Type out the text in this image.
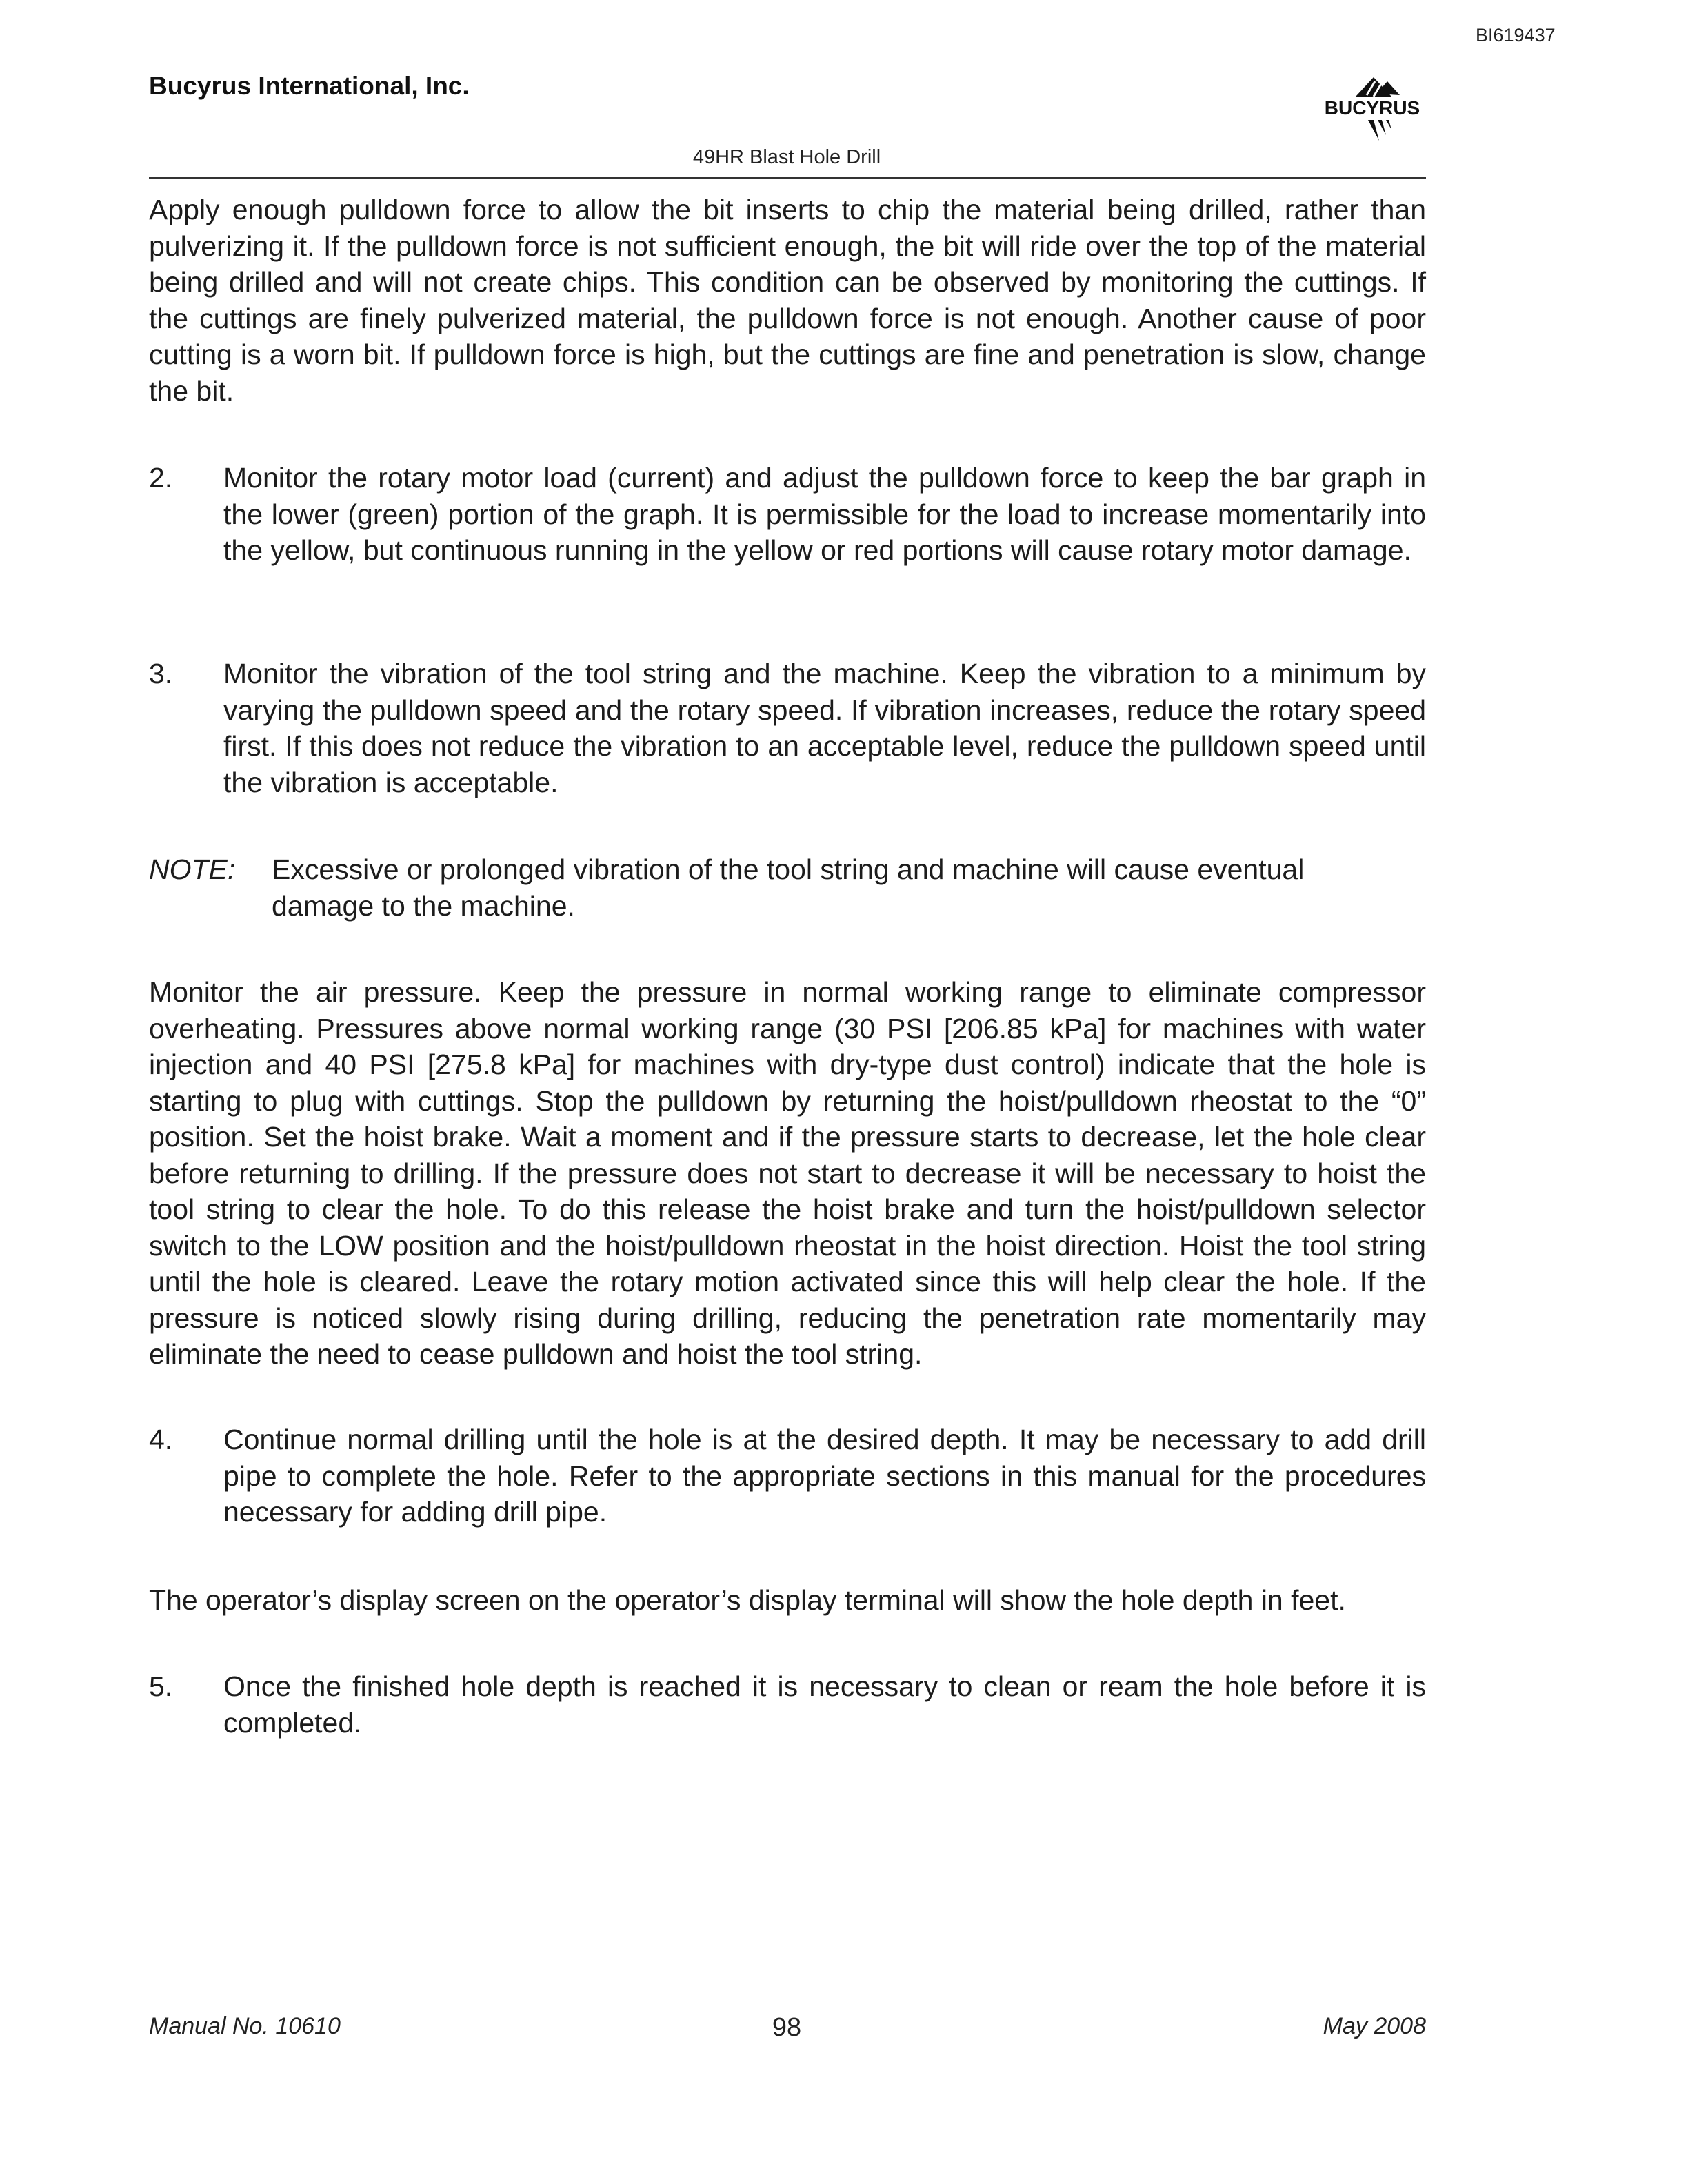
BI619437
Bucyrus International, Inc.
BUCYRUS
49HR Blast Hole Drill

Apply enough pulldown force to allow the bit inserts to chip the material being drilled, rather than pulverizing it. If the pulldown force is not sufficient enough, the bit will ride over the top of the material being drilled and will not create chips. This condition can be observed by monitoring the cuttings. If the cuttings are finely pulverized material, the pulldown force is not enough. Another cause of poor cutting is a worn bit. If pulldown force is high, but the cuttings are fine and penetration is slow, change the bit.

2. Monitor the rotary motor load (current) and adjust the pulldown force to keep the bar graph in the lower (green) portion of the graph. It is permissible for the load to increase momentarily into the yellow, but continuous running in the yellow or red portions will cause rotary motor damage.
3. Monitor the vibration of the tool string and the machine. Keep the vibration to a minimum by varying the pulldown speed and the rotary speed. If vibration increases, reduce the rotary speed first. If this does not reduce the vibration to an acceptable level, reduce the pulldown speed until the vibration is acceptable.
NOTE: Excessive or prolonged vibration of the tool string and machine will cause eventual damage to the machine.

Monitor the air pressure. Keep the pressure in normal working range to eliminate compressor overheating. Pressures above normal working range (30 PSI [206.85 kPa] for machines with water injection and 40 PSI [275.8 kPa] for machines with dry-type dust control) indicate that the hole is starting to plug with cuttings. Stop the pulldown by returning the hoist/pulldown rheostat to the “0” position. Set the hoist brake. Wait a moment and if the pressure starts to decrease, let the hole clear before returning to drilling. If the pressure does not start to decrease it will be necessary to hoist the tool string to clear the hole. To do this release the hoist brake and turn the hoist/pulldown selector switch to the LOW position and the hoist/pulldown rheostat in the hoist direction. Hoist the tool string until the hole is cleared. Leave the rotary motion activated since this will help clear the hole. If the pressure is noticed slowly rising during drilling, reducing the penetration rate momentarily may eliminate the need to cease pulldown and hoist the tool string.

4. Continue normal drilling until the hole is at the desired depth. It may be necessary to add drill pipe to complete the hole. Refer to the appropriate sections in this manual for the procedures necessary for adding drill pipe.

The operator’s display screen on the operator’s display terminal will show the hole depth in feet.

5. Once the finished hole depth is reached it is necessary to clean or ream the hole before it is completed.
Manual No. 10610	98	May 2008
